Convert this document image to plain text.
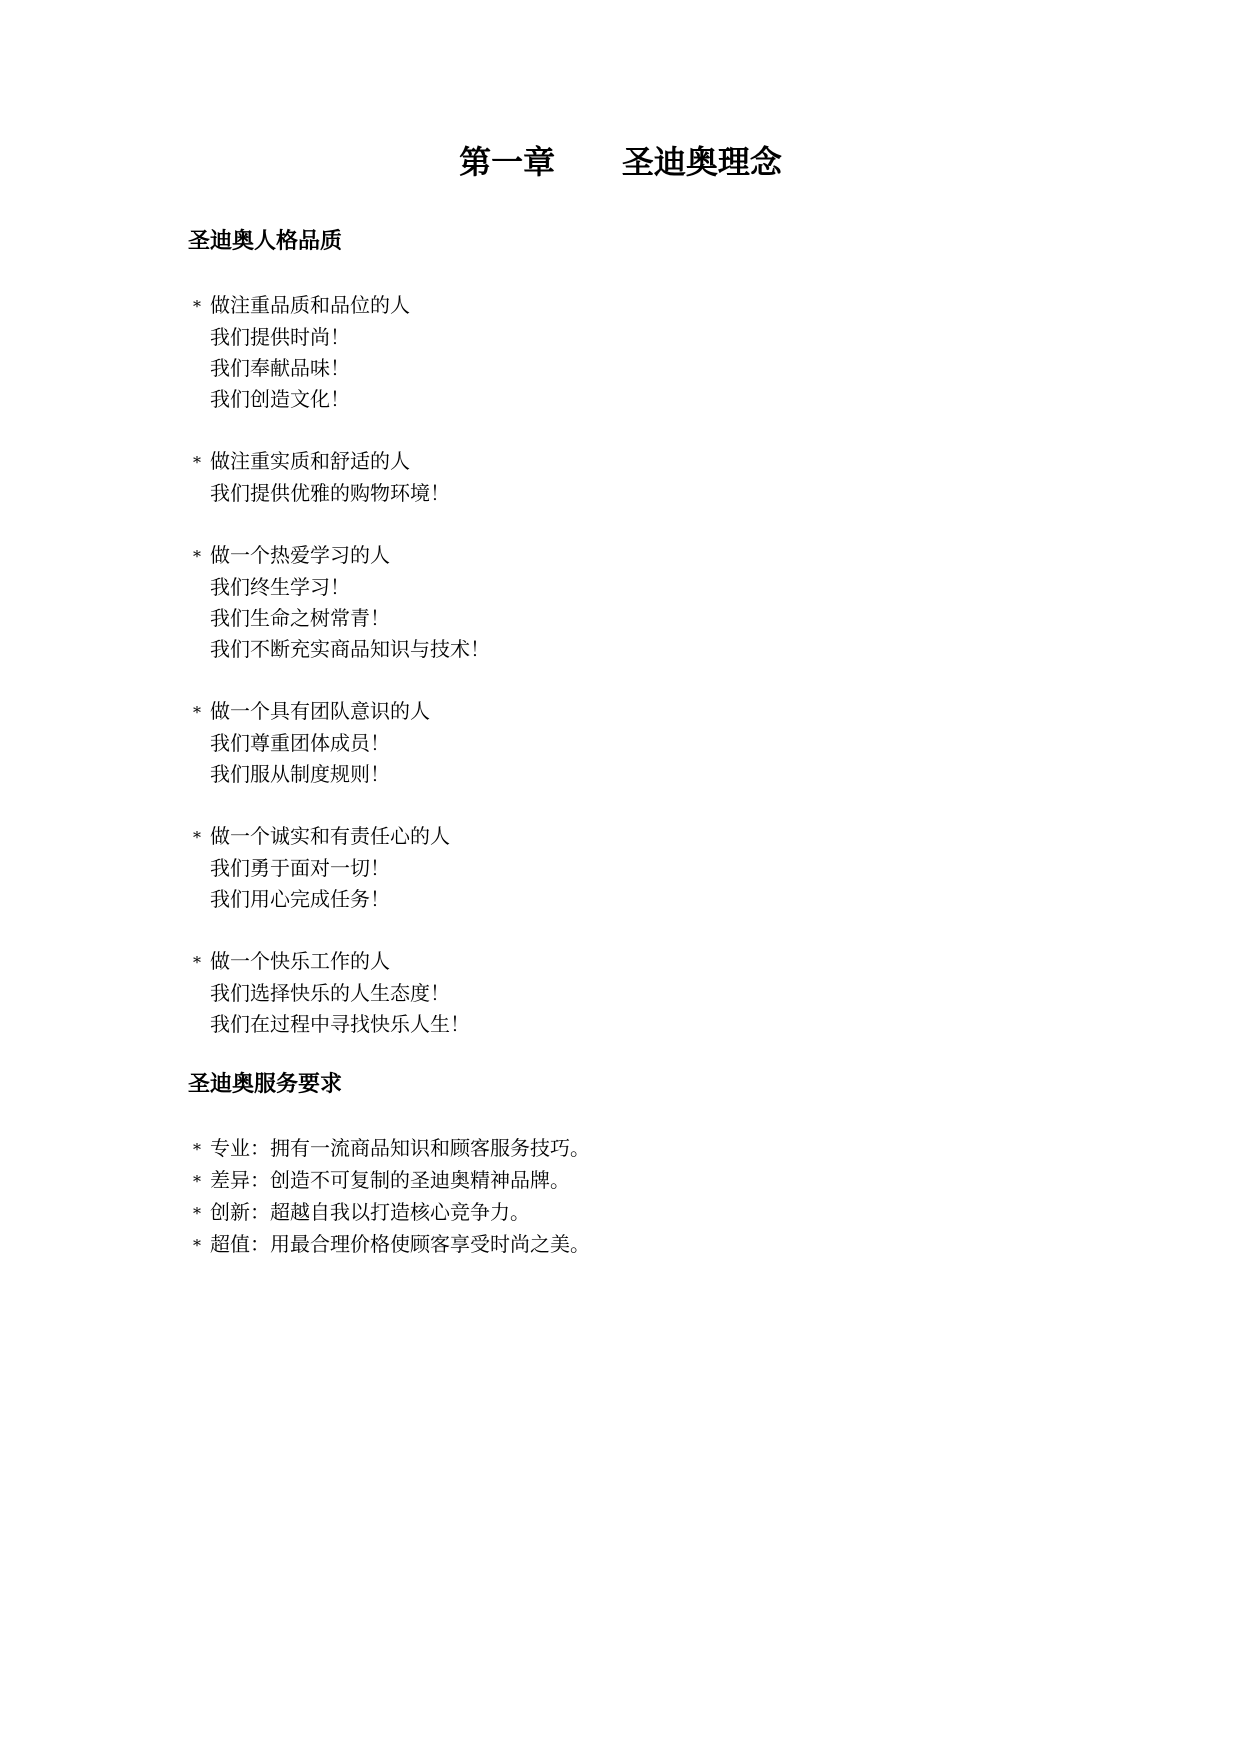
第一章      圣迪奥理念
圣迪奥人格品质

* 做注重品质和品位的人

我们提供时尚！

我们奉献品味！

我们创造文化！

* 做注重实质和舒适的人

我们提供优雅的购物环境！

* 做一个热爱学习的人

我们终生学习！

我们生命之树常青！

我们不断充实商品知识与技术！

* 做一个具有团队意识的人

我们尊重团体成员！

我们服从制度规则！

* 做一个诚实和有责任心的人

我们勇于面对一切！

我们用心完成任务！

* 做一个快乐工作的人

我们选择快乐的人生态度！

我们在过程中寻找快乐人生！

圣迪奥服务要求
* 专业：拥有一流商品知识和顾客服务技巧。
* 差异：创造不可复制的圣迪奥精神品牌。
* 创新：超越自我以打造核心竞争力。
* 超值：用最合理价格使顾客享受时尚之美。
